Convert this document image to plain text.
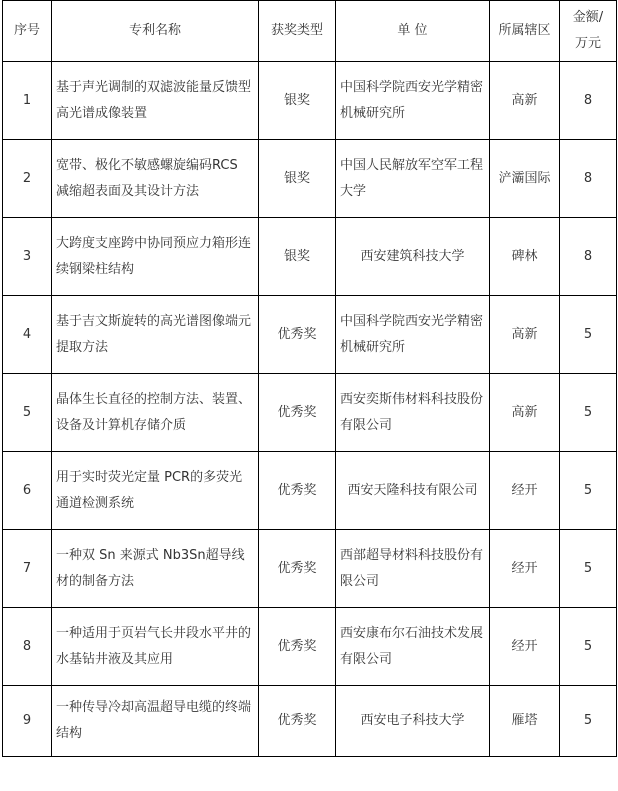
序号	专利名称	获奖类型	单 位	所属辖区	金额/
万元

1	基于声光调制的双滤波能量反馈型高光谱成像装置	银奖	中国科学院西安光学精密机械研究所	高新	8
2	宽带、极化不敏感螺旋编码RCS 减缩超表面及其设计方法	银奖	中国人民解放军空军工程大学	浐灞国际	8
3	大跨度支座跨中协同预应力箱形连续钢梁柱结构	银奖	西安建筑科技大学	碑林	8
4	基于吉文斯旋转的高光谱图像端元提取方法	优秀奖	中国科学院西安光学精密机械研究所	高新	5
5	晶体生长直径的控制方法、装置、设备及计算机存储介质	优秀奖	西安奕斯伟材料科技股份有限公司	高新	5
6	用于实时荧光定量 PCR的多荧光通道检测系统	优秀奖	西安天隆科技有限公司	经开	5
7	一种双 Sn 来源式 Nb3Sn超导线材的制备方法	优秀奖	西部超导材料科技股份有限公司	经开	5
8	一种适用于页岩气长井段水平井的水基钻井液及其应用	优秀奖	西安康布尔石油技术发展有限公司	经开	5
9	一种传导冷却高温超导电缆的终端结构	优秀奖	西安电子科技大学	雁塔	5
